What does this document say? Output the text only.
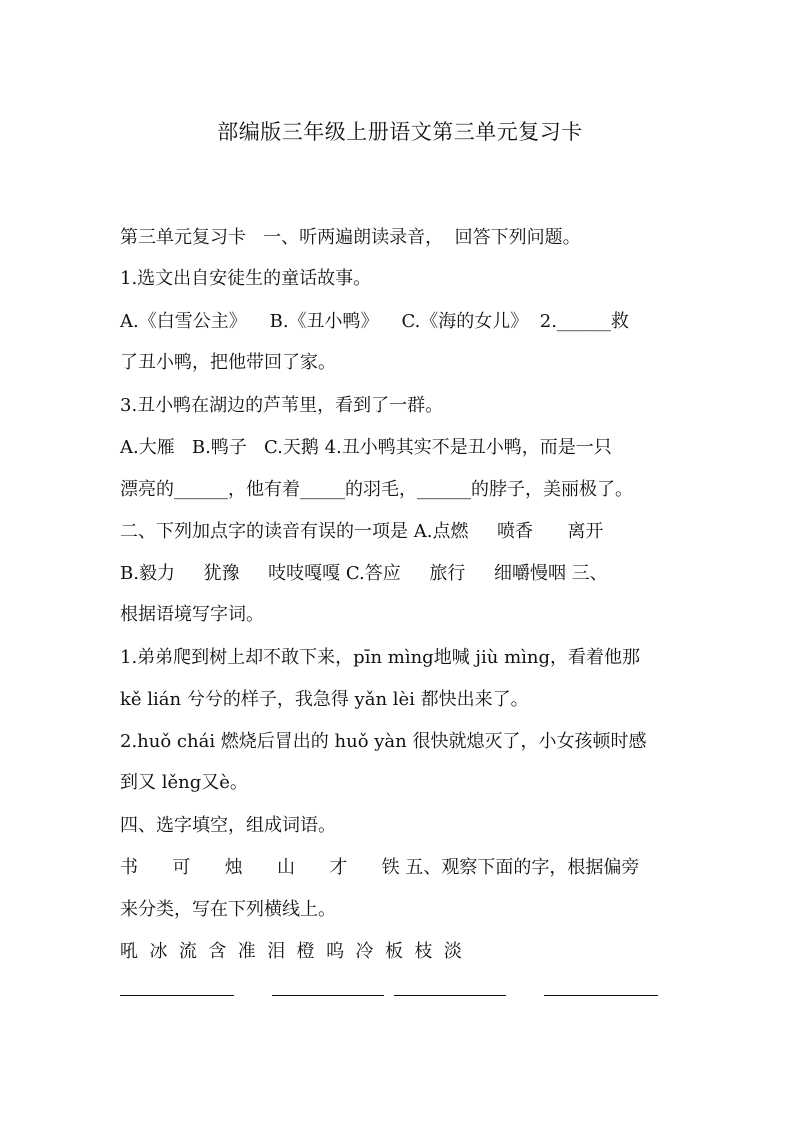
部编版三年级上册语文第三单元复习卡
第三单元复习卡   一、听两遍朗读录音，  回答下列问题。
1.选文出自安徒生的童话故事。
A.《白雪公主》    B.《丑小鸭》    C.《海的女儿》  2.______救
了丑小鸭，把他带回了家。
3.丑小鸭在湖边的芦苇里，看到了一群。
A.大雁   B.鸭子   C.天鹅 4.丑小鸭其实不是丑小鸭，而是一只
漂亮的______，他有着_____的羽毛，______的脖子，美丽极了。
二、下列加点字的读音有误的一项是 A.点燃     喷香      离开
B.毅力     犹豫     吱吱嘎嘎 C.答应     旅行     细嚼慢咽 三、
根据语境写字词。
1.弟弟爬到树上却不敢下来，pīn mìng地喊 jiù mìng，看着他那
kě lián 兮兮的样子，我急得 yǎn lèi 都快出来了。
2.huǒ chái 燃烧后冒出的 huǒ yàn 很快就熄灭了，小女孩顿时感
到又 lěng又è。
四、选字填空，组成词语。
书      可      烛      山      才      铁 五、观察下面的字，根据偏旁
来分类，写在下列横线上。
吼  冰  流  含  准  泪  橙  呜  冷  板  枝  淡
